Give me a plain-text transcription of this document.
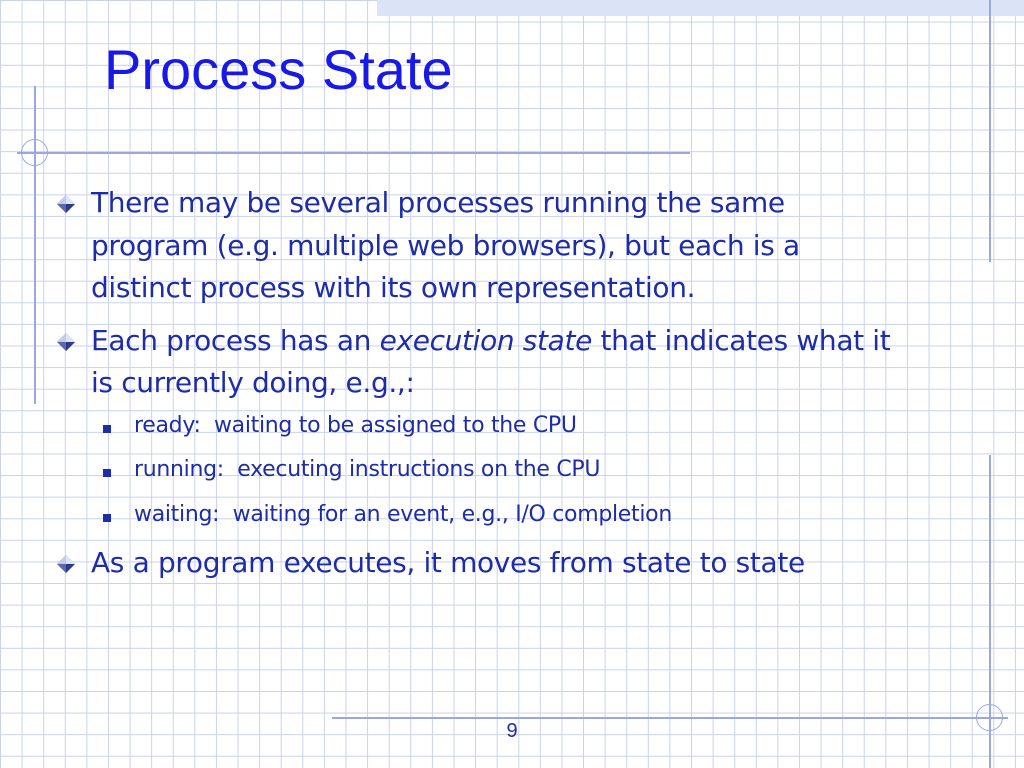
Process State
There may be several processes running the same
program (e.g. multiple web browsers), but each is a
distinct process with its own representation.
Each process has an execution state that indicates what it
is currently doing, e.g.,:
ready:  waiting to be assigned to the CPU
running:  executing instructions on the CPU
waiting:  waiting for an event, e.g., I/O completion
As a program executes, it moves from state to state
9
